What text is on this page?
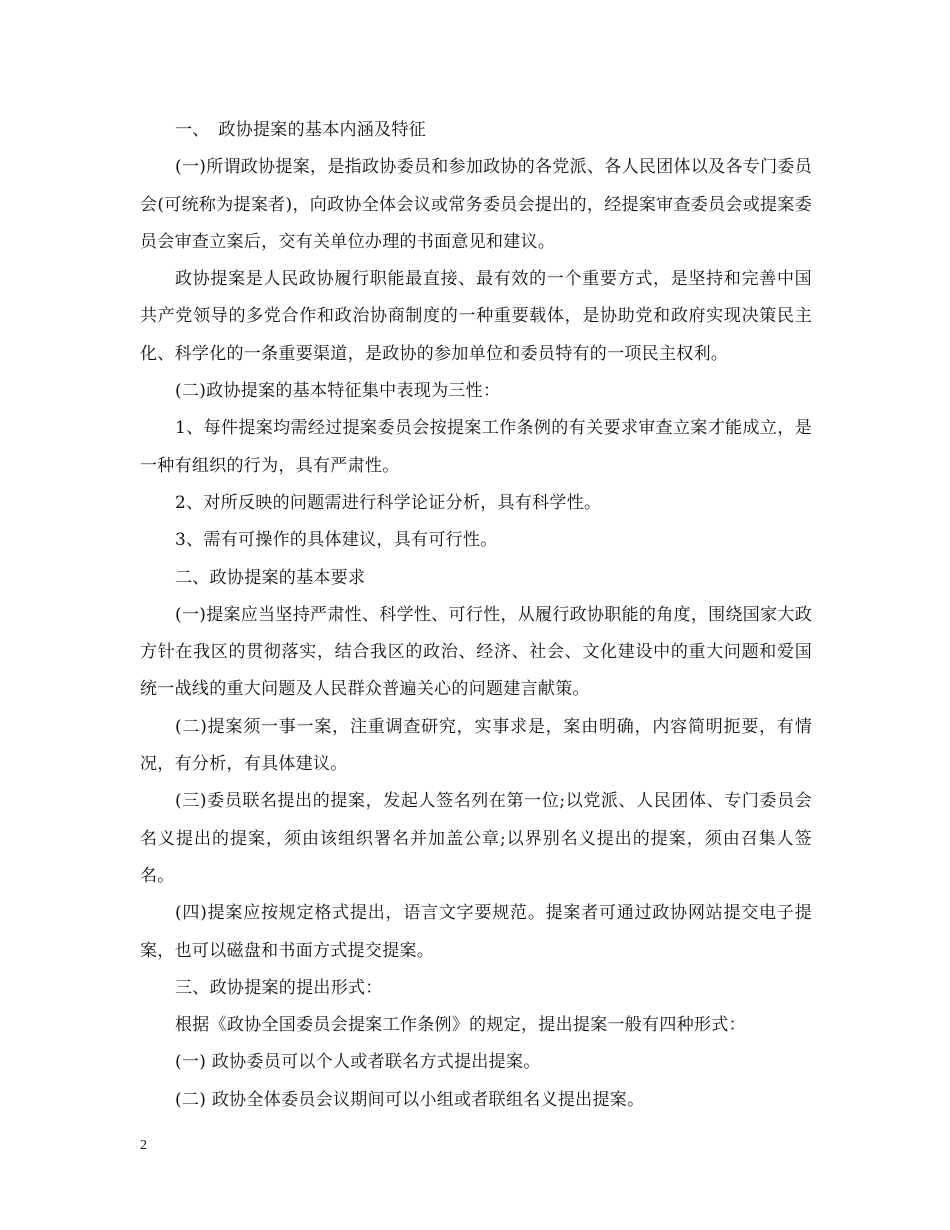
一、　政协提案的基本内涵及特征

(一)所谓政协提案，是指政协委员和参加政协的各党派、各人民团体以及各专门委员会(可统称为提案者)，向政协全体会议或常务委员会提出的，经提案审查委员会或提案委员会审查立案后，交有关单位办理的书面意见和建议。

政协提案是人民政协履行职能最直接、最有效的一个重要方式，是坚持和完善中国共产党领导的多党合作和政治协商制度的一种重要载体，是协助党和政府实现决策民主化、科学化的一条重要渠道，是政协的参加单位和委员特有的一项民主权利。

(二)政协提案的基本特征集中表现为三性：

1、每件提案均需经过提案委员会按提案工作条例的有关要求审查立案才能成立，是一种有组织的行为，具有严肃性。

2、对所反映的问题需进行科学论证分析，具有科学性。

3、需有可操作的具体建议，具有可行性。

二、政协提案的基本要求

(一)提案应当坚持严肃性、科学性、可行性，从履行政协职能的角度，围绕国家大政方针在我区的贯彻落实，结合我区的政治、经济、社会、文化建设中的重大问题和爱国统一战线的重大问题及人民群众普遍关心的问题建言献策。

(二)提案须一事一案，注重调查研究，实事求是，案由明确，内容简明扼要，有情况，有分析，有具体建议。

(三)委员联名提出的提案，发起人签名列在第一位;以党派、人民团体、专门委员会名义提出的提案，须由该组织署名并加盖公章;以界别名义提出的提案，须由召集人签名。

(四)提案应按规定格式提出，语言文字要规范。提案者可通过政协网站提交电子提案，也可以磁盘和书面方式提交提案。

三、政协提案的提出形式：

根据《政协全国委员会提案工作条例》的规定，提出提案一般有四种形式：

(一) 政协委员可以个人或者联名方式提出提案。

(二) 政协全体委员会议期间可以小组或者联组名义提出提案。

2
